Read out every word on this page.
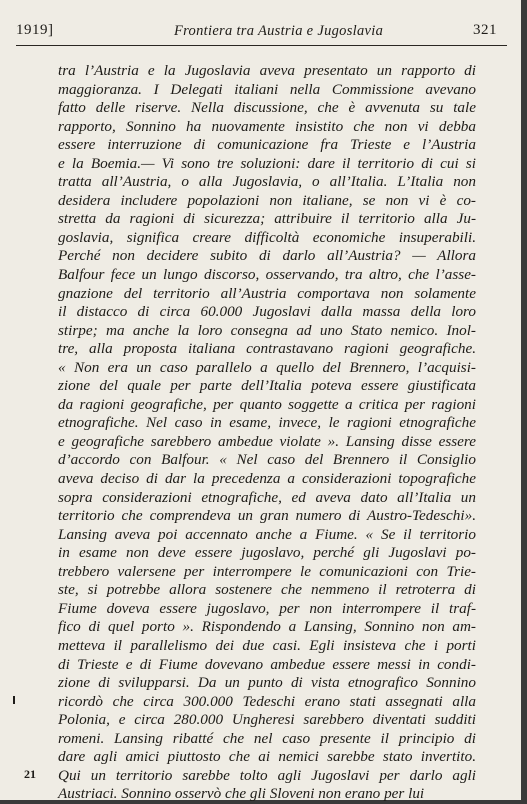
1919]	Frontiera tra Austria e Jugoslavia	321
tra l’Austria e la Jugoslavia aveva presentato un rapporto di
maggioranza. I Delegati italiani nella Commissione avevano
fatto delle riserve. Nella discussione, che è avvenuta su tale
rapporto, Sonnino ha nuovamente insistito che non vi debba
essere interruzione di comunicazione fra Trieste e l’Austria
e la Boemia.— Vi sono tre soluzioni: dare il territorio di cui si
tratta all’Austria, o alla Jugoslavia, o all’Italia. L’Italia non
desidera includere popolazioni non italiane, se non vi è co-
stretta da ragioni di sicurezza; attribuire il territorio alla Ju-
goslavia, significa creare difficoltà economiche insuperabili.
Perché non decidere subito di darlo all’Austria? — Allora
Balfour fece un lungo discorso, osservando, tra altro, che l’asse-
gnazione del territorio all’Austria comportava non solamente
il distacco di circa 60.000 Jugoslavi dalla massa della loro
stirpe; ma anche la loro consegna ad uno Stato nemico. Inol-
tre, alla proposta italiana contrastavano ragioni geografiche.
« Non era un caso parallelo a quello del Brennero, l’acquisi-
zione del quale per parte dell’Italia poteva essere giustificata
da ragioni geografiche, per quanto soggette a critica per ragioni
etnografiche. Nel caso in esame, invece, le ragioni etnografiche
e geografiche sarebbero ambedue violate ». Lansing disse essere
d’accordo con Balfour. « Nel caso del Brennero il Consiglio
aveva deciso di dar la precedenza a considerazioni topografiche
sopra considerazioni etnografiche, ed aveva dato all’Italia un
territorio che comprendeva un gran numero di Austro-Tedeschi».
Lansing aveva poi accennato anche a Fiume. « Se il territorio
in esame non deve essere jugoslavo, perché gli Jugoslavi po-
trebbero valersene per interrompere le comunicazioni con Trie-
ste, si potrebbe allora sostenere che nemmeno il retroterra di
Fiume doveva essere jugoslavo, per non interrompere il traf-
fico di quel porto ». Rispondendo a Lansing, Sonnino non am-
metteva il parallelismo dei due casi. Egli insisteva che i porti
di Trieste e di Fiume dovevano ambedue essere messi in condi-
zione di svilupparsi. Da un punto di vista etnografico Sonnino
ricordò che circa 300.000 Tedeschi erano stati assegnati alla
Polonia, e circa 280.000 Ungheresi sarebbero diventati sudditi
romeni. Lansing ribatté che nel caso presente il principio di
dare agli amici piuttosto che ai nemici sarebbe stato invertito.
Qui un territorio sarebbe tolto agli Jugoslavi per darlo agli
Austriaci. Sonnino osservò che gli Sloveni non erano per lui
21
